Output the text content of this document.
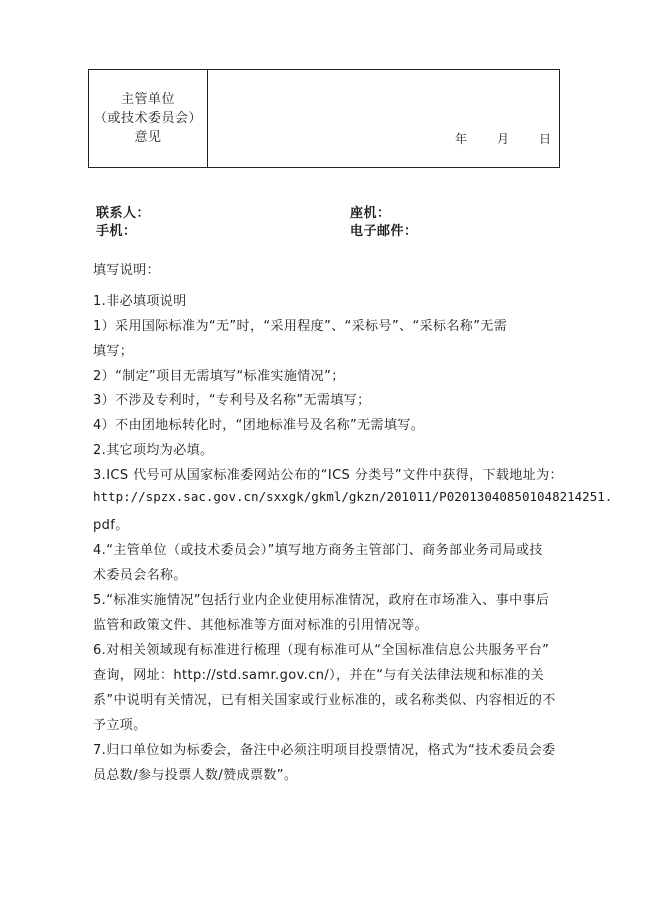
主管单位
（或技术委员会）
意见	年	月	日
联系人：	座机：
手机：	电子邮件：
填写说明：
1.非必填项说明
1）采用国际标准为“无”时，“采用程度”、“采标号”、“采标名称”无需
填写；
2）“制定”项目无需填写“标准实施情况”；
3）不涉及专利时，“专利号及名称”无需填写；
4）不由团地标转化时，“团地标准号及名称”无需填写。
2.其它项均为必填。
3.ICS 代号可从国家标准委网站公布的“ICS 分类号”文件中获得，下载地址为：
http://spzx.sac.gov.cn/sxxgk/gkml/gkzn/201011/P020130408501048214251.
pdf。
4.“主管单位（或技术委员会）”填写地方商务主管部门、商务部业务司局或技
术委员会名称。
5.“标准实施情况”包括行业内企业使用标准情况，政府在市场准入、事中事后
监管和政策文件、其他标准等方面对标准的引用情况等。
6.对相关领域现有标准进行梳理（现有标准可从“全国标准信息公共服务平台”
查询，网址：http://std.samr.gov.cn/），并在“与有关法律法规和标准的关
系”中说明有关情况，已有相关国家或行业标准的，或名称类似、内容相近的不
予立项。
7.归口单位如为标委会，备注中必须注明项目投票情况，格式为“技术委员会委
员总数/参与投票人数/赞成票数”。
